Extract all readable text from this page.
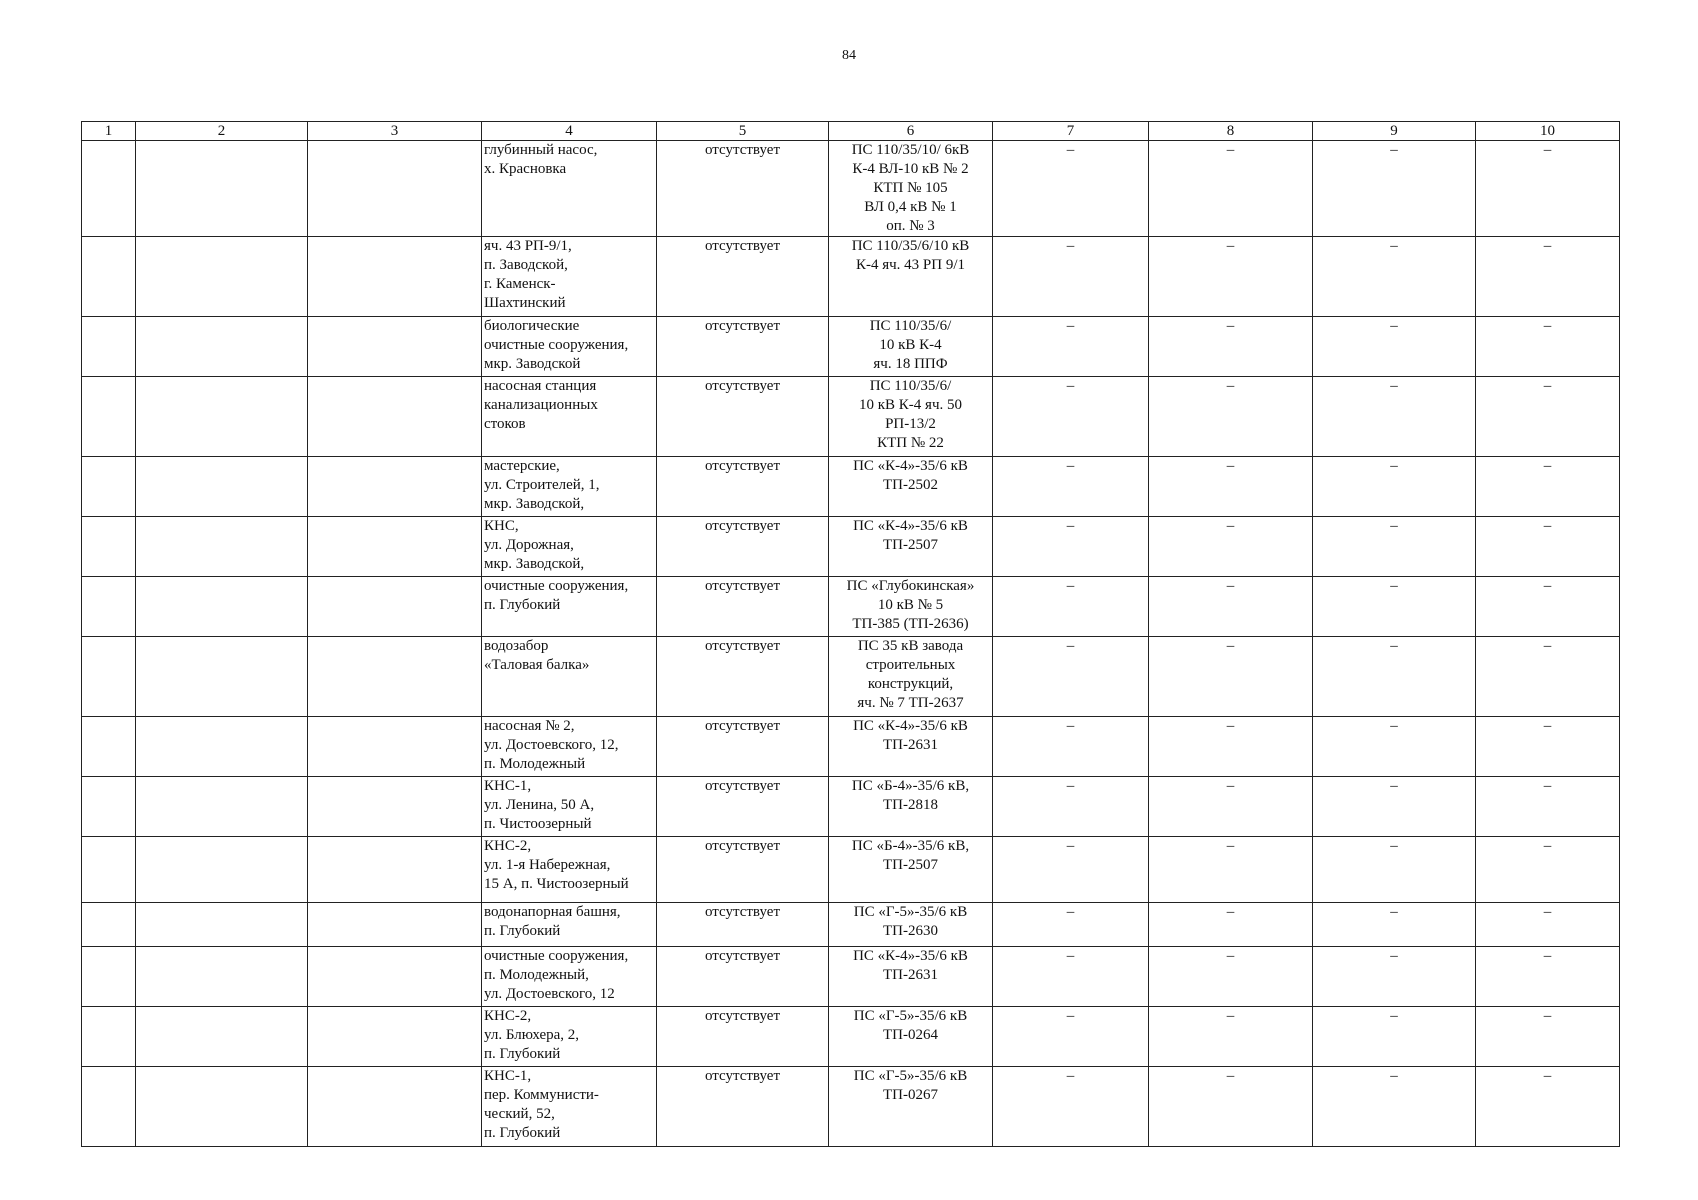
84
1	2	3	4	5	6	7	8	9	10
			глубинный насос,
х. Красновка	отсутствует	ПС 110/35/10/ 6кВ
К-4 ВЛ-10 кВ № 2
КТП № 105
ВЛ 0,4 кВ № 1
оп. № 3	–	–	–	–
			яч. 43 РП-9/1,
п. Заводской,
г. Каменск-
Шахтинский	отсутствует	ПС 110/35/6/10 кВ
К-4 яч. 43 РП 9/1	–	–	–	–
			биологические
очистные сооружения,
мкр. Заводской	отсутствует	ПС 110/35/6/
10 кВ К-4
яч. 18 ППФ	–	–	–	–
			насосная станция
канализационных
стоков	отсутствует	ПС 110/35/6/
10 кВ К-4 яч. 50
РП-13/2
КТП № 22	–	–	–	–
			мастерские,
ул. Строителей, 1,
мкр. Заводской,	отсутствует	ПС «К-4»-35/6 кВ
ТП-2502	–	–	–	–
			КНС,
ул. Дорожная,
мкр. Заводской,	отсутствует	ПС «К-4»-35/6 кВ
ТП-2507	–	–	–	–
			очистные сооружения,
п. Глубокий	отсутствует	ПС «Глубокинская»
10 кВ № 5
ТП-385 (ТП-2636)	–	–	–	–
			водозабор
«Таловая балка»	отсутствует	ПС 35 кВ завода
строительных
конструкций,
яч. № 7 ТП-2637	–	–	–	–
			насосная № 2,
ул. Достоевского, 12,
п. Молодежный	отсутствует	ПС «К-4»-35/6 кВ
ТП-2631	–	–	–	–
			КНС-1,
ул. Ленина, 50 А,
п. Чистоозерный	отсутствует	ПС «Б-4»-35/6 кВ,
ТП-2818	–	–	–	–
			КНС-2,
ул. 1-я Набережная,
15 А, п. Чистоозерный	отсутствует	ПС «Б-4»-35/6 кВ,
ТП-2507	–	–	–	–
			водонапорная башня,
п. Глубокий	отсутствует	ПС «Г-5»-35/6 кВ
ТП-2630	–	–	–	–
			очистные сооружения,
п. Молодежный,
ул. Достоевского, 12	отсутствует	ПС «К-4»-35/6 кВ
ТП-2631	–	–	–	–
			КНС-2,
ул. Блюхера, 2,
п. Глубокий	отсутствует	ПС «Г-5»-35/6 кВ
ТП-0264	–	–	–	–
			КНС-1,
пер. Коммунисти-
ческий, 52,
п. Глубокий	отсутствует	ПС «Г-5»-35/6 кВ
ТП-0267	–	–	–	–
